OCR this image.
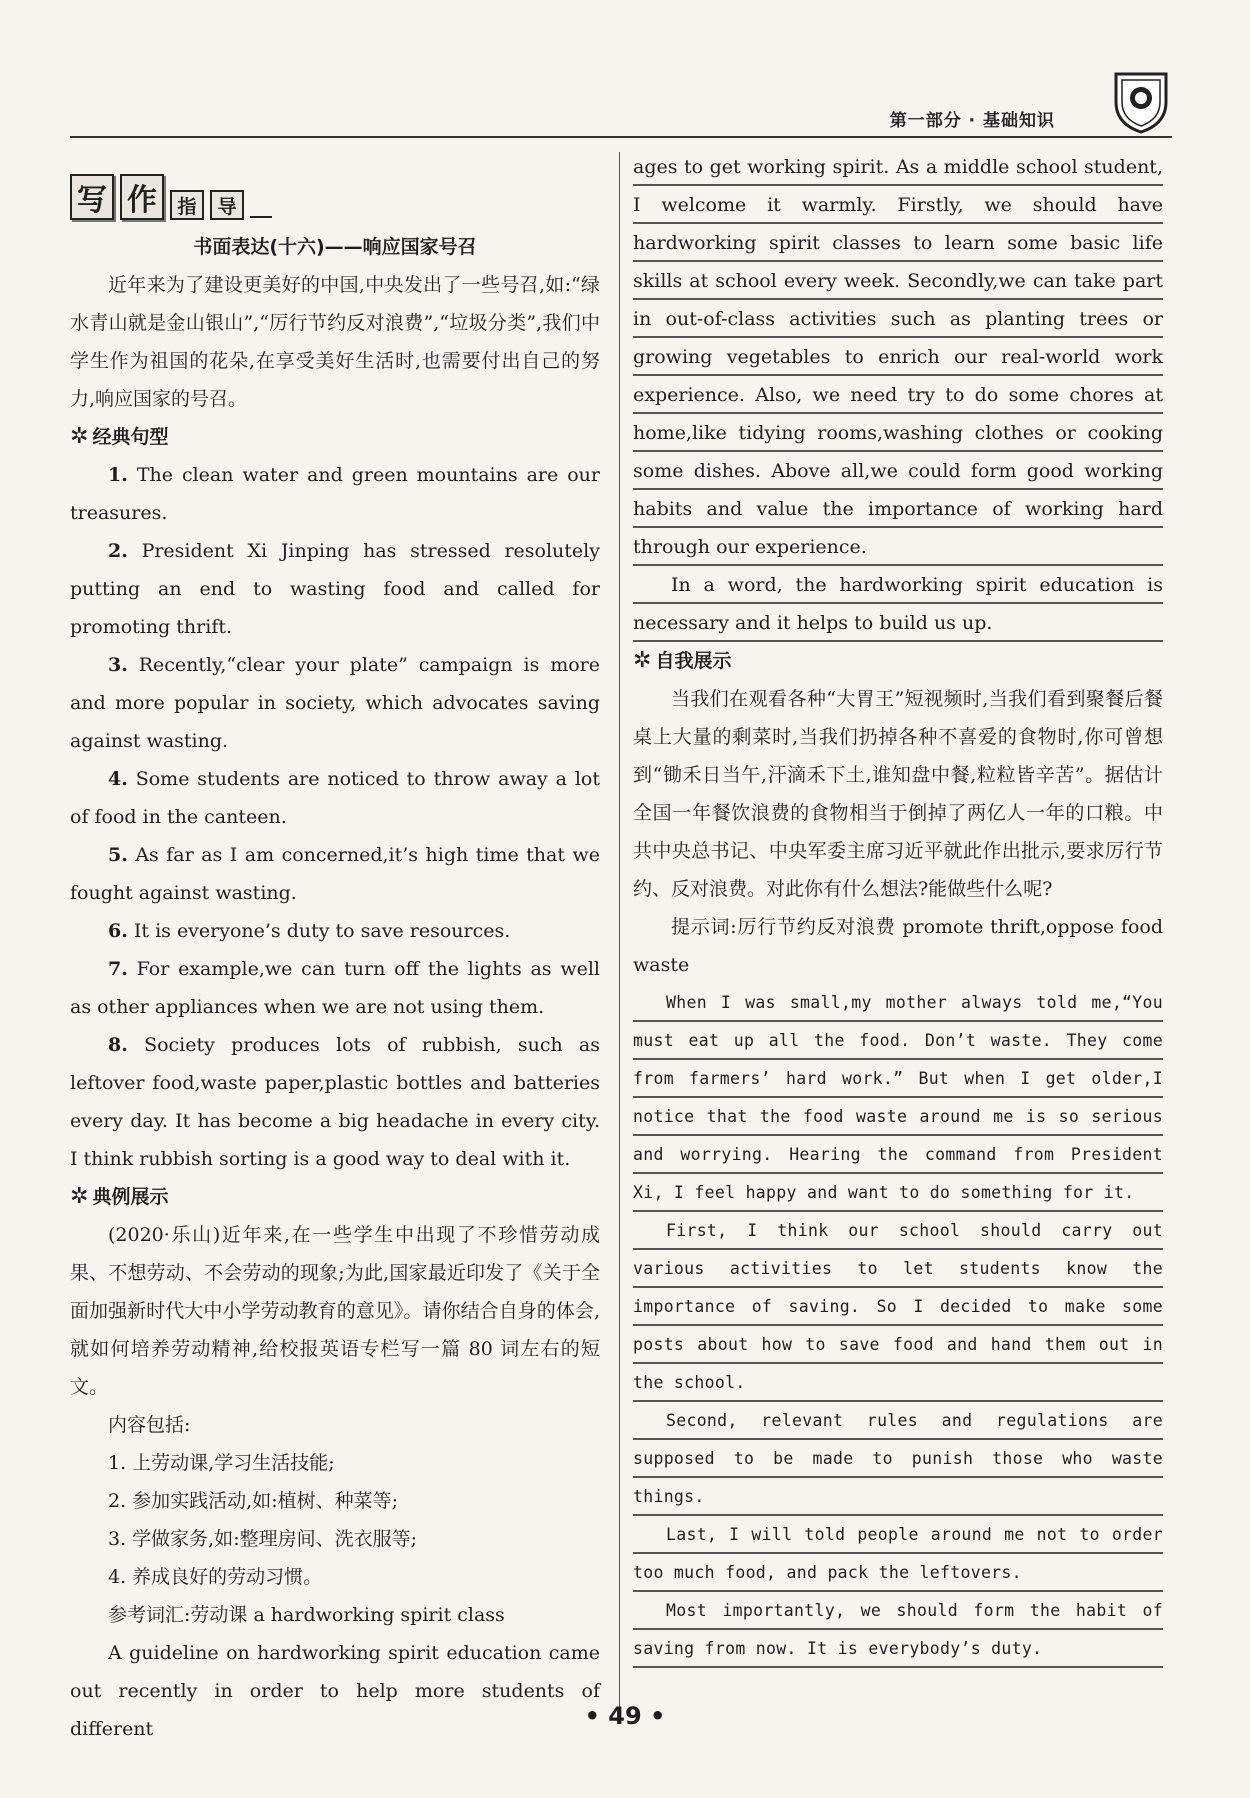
第一部分 · 基础知识
写 作	指	导
书面表达(十六)——响应国家号召

近年来为了建设更美好的中国,中央发出了一些号召,如:“绿水青山就是金山银山”,“厉行节约反对浪费”,“垃圾分类”,我们中学生作为祖国的花朵,在享受美好生活时,也需要付出自己的努力,响应国家的号召。

✲ 经典句型

1. The clean water and green mountains are our treasures.

2. President Xi Jinping has stressed resolutely putting an end to wasting food and called for promoting thrift.

3. Recently,“clear your plate” campaign is more and more popular in society, which advocates saving against wasting.

4. Some students are noticed to throw away a lot of food in the canteen.

5. As far as I am concerned,it’s high time that we fought against wasting.

6. It is everyone’s duty to save resources.

7. For example,we can turn off the lights as well as other appliances when we are not using them.

8. Society produces lots of rubbish, such as leftover food,waste paper,plastic bottles and batteries every day. It has become a big headache in every city. I think rubbish sorting is a good way to deal with it.

✲ 典例展示

(2020·乐山)近年来,在一些学生中出现了不珍惜劳动成果、不想劳动、不会劳动的现象;为此,国家最近印发了《关于全面加强新时代大中小学劳动教育的意见》。请你结合自身的体会,就如何培养劳动精神,给校报英语专栏写一篇 80 词左右的短文。

内容包括:

1. 上劳动课,学习生活技能;

2. 参加实践活动,如:植树、种菜等;

3. 学做家务,如:整理房间、洗衣服等;

4. 养成良好的劳动习惯。

参考词汇:劳动课 a hardworking spirit class

A guideline on hardworking spirit education came out recently in order to help more students of different

ages to get working spirit. As a middle school student, I welcome it warmly. Firstly, we should have hardworking spirit classes to learn some basic life skills at school every week. Secondly,we can take part in out-of-class activities such as planting trees or growing vegetables to enrich our real-world work experience. Also, we need try to do some chores at home,like tidying rooms,washing clothes or cooking some dishes. Above all,we could form good working habits and value the importance of working hard through our experience.

In a word, the hardworking spirit education is necessary and it helps to build us up.

✲ 自我展示

当我们在观看各种“大胃王”短视频时,当我们看到聚餐后餐桌上大量的剩菜时,当我们扔掉各种不喜爱的食物时,你可曾想到“锄禾日当午,汗滴禾下土,谁知盘中餐,粒粒皆辛苦”。据估计全国一年餐饮浪费的食物相当于倒掉了两亿人一年的口粮。中共中央总书记、中央军委主席习近平就此作出批示,要求厉行节约、反对浪费。对此你有什么想法?能做些什么呢?

提示词:厉行节约反对浪费 promote thrift,oppose food waste

When I was small,my mother always told me,“You must eat up all the food. Don’t waste. They come from farmers’ hard work.” But when I get older,I notice that the food waste around me is so serious and worrying. Hearing the command from President Xi, I feel happy and want to do something for it.

First, I think our school should carry out various activities to let students know the importance of saving. So I decided to make some posts about how to save food and hand them out in the school.

Second, relevant rules and regulations are supposed to be made to punish those who waste things.

Last, I will told people around me not to order too much food, and pack the leftovers.

Most importantly, we should form the habit of saving from now. It is everybody’s duty.

• 49 •
